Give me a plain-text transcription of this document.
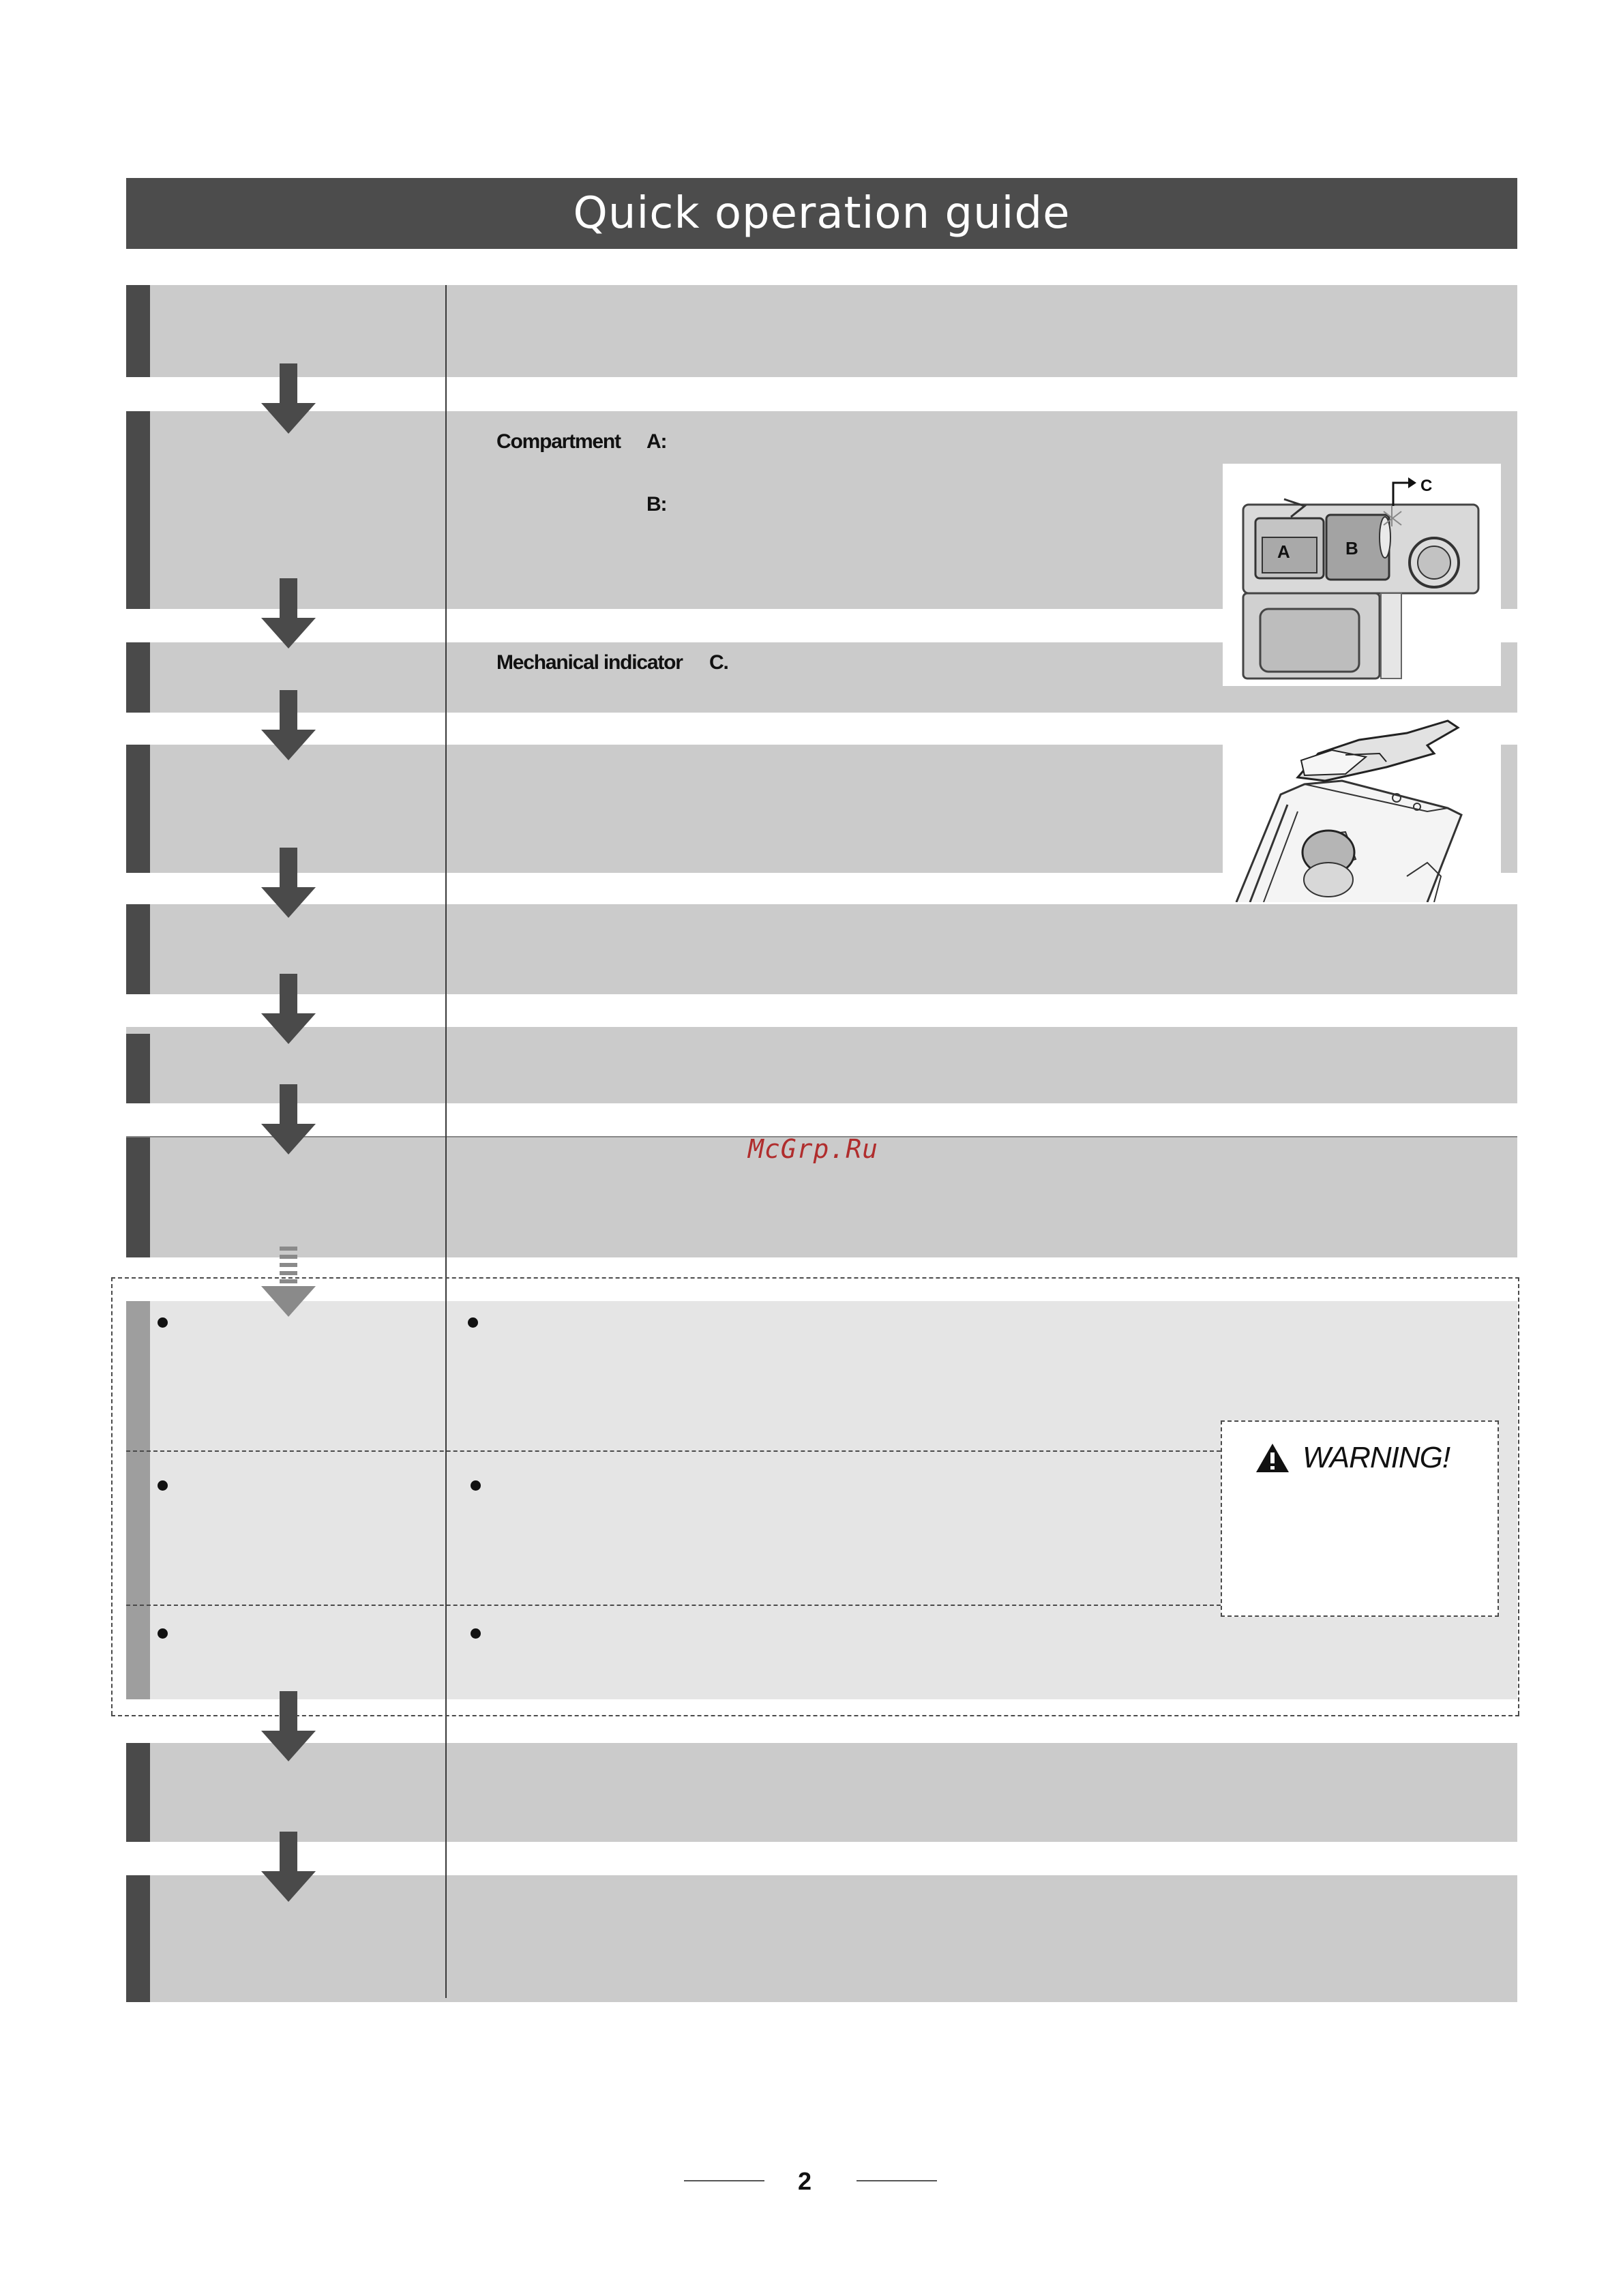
Quick operation guide
Compartment A:
B:
Mechanical indicator C.
A	B
C
WARNING!
McGrp.Ru
2
